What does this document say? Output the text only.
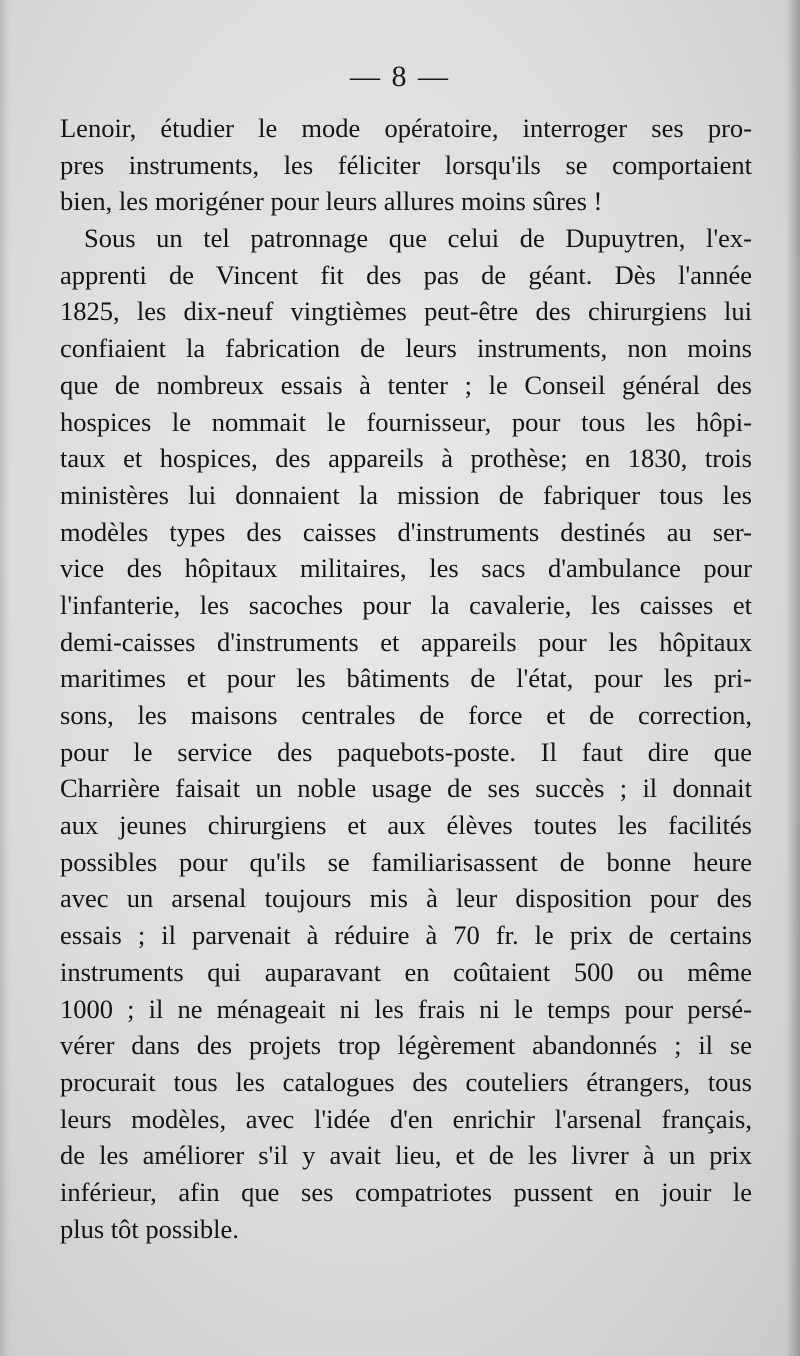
— 8 —
Lenoir, étudier le mode opératoire, interroger ses pro-
pres instruments, les féliciter lorsqu'ils se comportaient
bien, les morigéner pour leurs allures moins sûres !
Sous un tel patronnage que celui de Dupuytren, l'ex-
apprenti de Vincent fit des pas de géant. Dès l'année
1825, les dix-neuf vingtièmes peut-être des chirurgiens lui
confiaient la fabrication de leurs instruments, non moins
que de nombreux essais à tenter ; le Conseil général des
hospices le nommait le fournisseur, pour tous les hôpi-
taux et hospices, des appareils à prothèse; en 1830, trois
ministères lui donnaient la mission de fabriquer tous les
modèles types des caisses d'instruments destinés au ser-
vice des hôpitaux militaires, les sacs d'ambulance pour
l'infanterie, les sacoches pour la cavalerie, les caisses et
demi-caisses d'instruments et appareils pour les hôpitaux
maritimes et pour les bâtiments de l'état, pour les pri-
sons, les maisons centrales de force et de correction,
pour le service des paquebots-poste. Il faut dire que
Charrière faisait un noble usage de ses succès ; il donnait
aux jeunes chirurgiens et aux élèves toutes les facilités
possibles pour qu'ils se familiarisassent de bonne heure
avec un arsenal toujours mis à leur disposition pour des
essais ; il parvenait à réduire à 70 fr. le prix de certains
instruments qui auparavant en coûtaient 500 ou même
1000 ; il ne ménageait ni les frais ni le temps pour persé-
vérer dans des projets trop légèrement abandonnés ; il se
procurait tous les catalogues des couteliers étrangers, tous
leurs modèles, avec l'idée d'en enrichir l'arsenal français,
de les améliorer s'il y avait lieu, et de les livrer à un prix
inférieur, afin que ses compatriotes pussent en jouir le
plus tôt possible.
